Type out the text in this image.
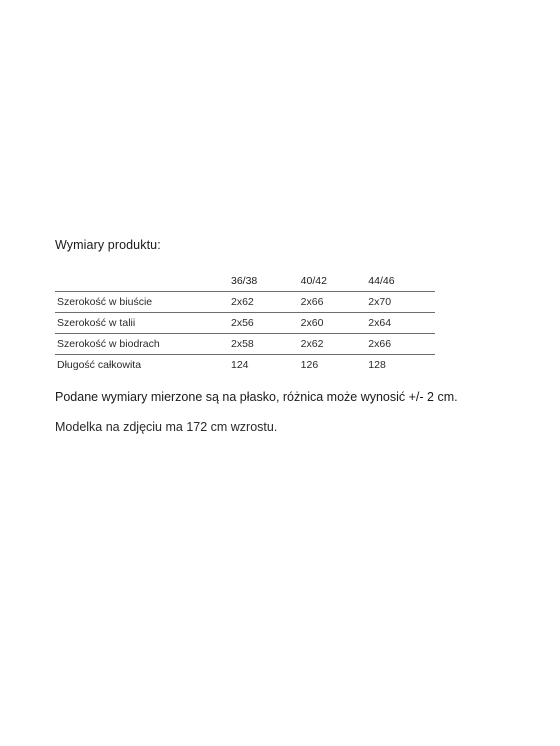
Wymiary produktu:
	36/38	40/42	44/46
Szerokość w biuście	2x62	2x66	2x70
Szerokość w talii	2x56	2x60	2x64
Szerokość w biodrach	2x58	2x62	2x66
Długość całkowita	124	126	128
Podane wymiary mierzone są na płasko, różnica może wynosić +/- 2 cm.
Modelka na zdjęciu ma 172 cm wzrostu.
